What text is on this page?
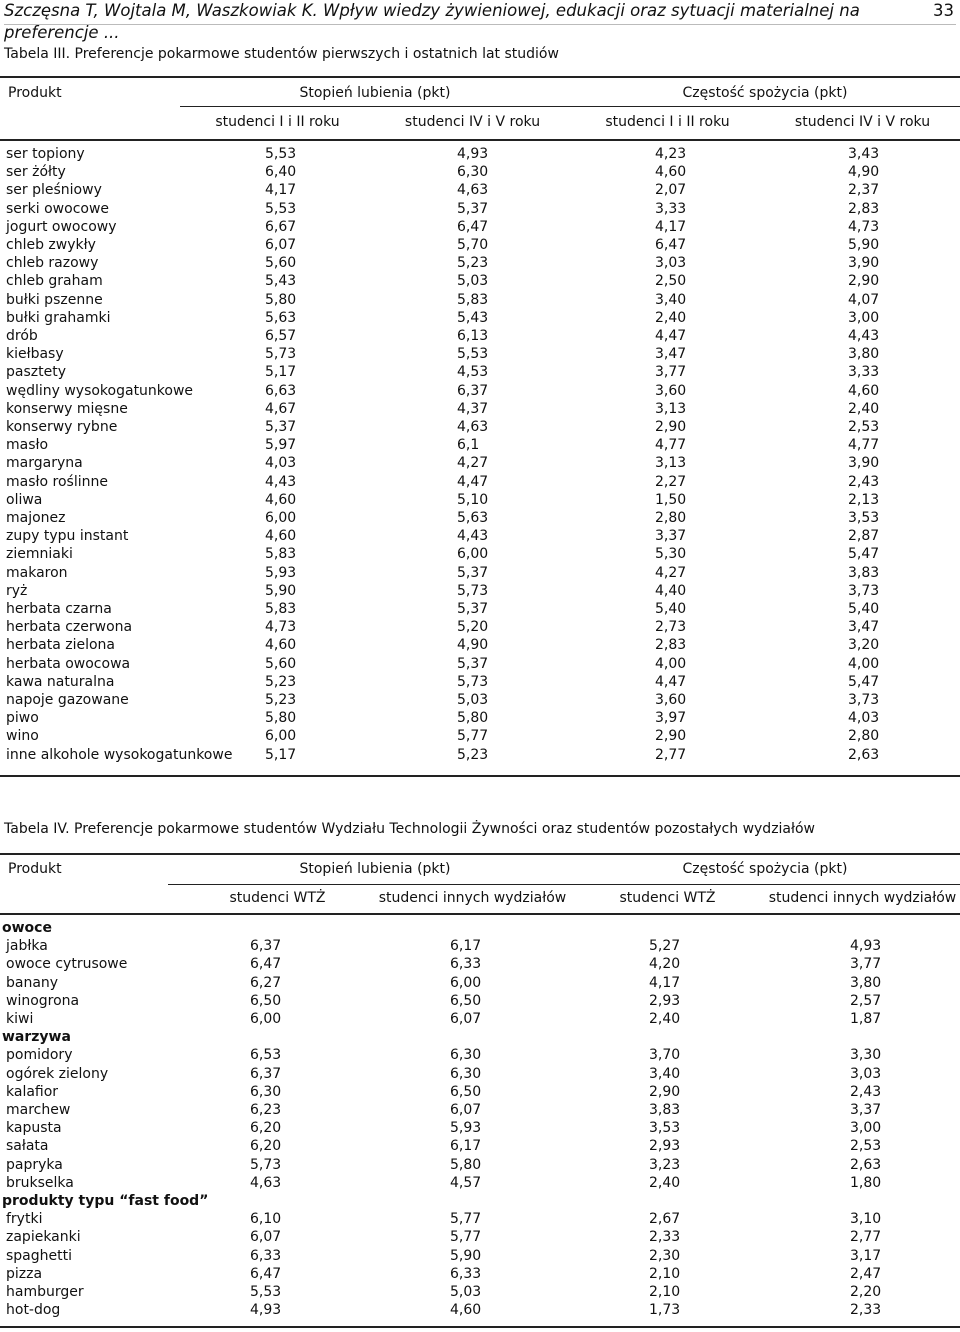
Szczęsna T, Wojtala M, Waszkowiak K. Wpływ wiedzy żywieniowej, edukacji oraz sytuacji materialnej na preferencje ...
33
Tabela III. Preferencje pokarmowe studentów pierwszych i ostatnich lat studiów
Produkt	Stopień lubienia (pkt)	Częstość spożycia (pkt)
studenci I i II roku	studenci IV i V roku	studenci I i II roku	studenci IV i V roku
ser topiony	5,53	4,93	4,23	3,43
ser żółty	6,40	6,30	4,60	4,90
ser pleśniowy	4,17	4,63	2,07	2,37
serki owocowe	5,53	5,37	3,33	2,83
jogurt owocowy	6,67	6,47	4,17	4,73
chleb zwykły	6,07	5,70	6,47	5,90
chleb razowy	5,60	5,23	3,03	3,90
chleb graham	5,43	5,03	2,50	2,90
bułki pszenne	5,80	5,83	3,40	4,07
bułki grahamki	5,63	5,43	2,40	3,00
drób	6,57	6,13	4,47	4,43
kiełbasy	5,73	5,53	3,47	3,80
pasztety	5,17	4,53	3,77	3,33
wędliny wysokogatunkowe	6,63	6,37	3,60	4,60
konserwy mięsne	4,67	4,37	3,13	2,40
konserwy rybne	5,37	4,63	2,90	2,53
masło	5,97	6,1	4,77	4,77
margaryna	4,03	4,27	3,13	3,90
masło roślinne	4,43	4,47	2,27	2,43
oliwa	4,60	5,10	1,50	2,13
majonez	6,00	5,63	2,80	3,53
zupy typu instant	4,60	4,43	3,37	2,87
ziemniaki	5,83	6,00	5,30	5,47
makaron	5,93	5,37	4,27	3,83
ryż	5,90	5,73	4,40	3,73
herbata czarna	5,83	5,37	5,40	5,40
herbata czerwona	4,73	5,20	2,73	3,47
herbata zielona	4,60	4,90	2,83	3,20
herbata owocowa	5,60	5,37	4,00	4,00
kawa naturalna	5,23	5,73	4,47	5,47
napoje gazowane	5,23	5,03	3,60	3,73
piwo	5,80	5,80	3,97	4,03
wino	6,00	5,77	2,90	2,80
inne alkohole wysokogatunkowe 5,17	5,23	2,77	2,63
Tabela IV. Preferencje pokarmowe studentów Wydziału Technologii Żywności oraz studentów pozostałych wydziałów
Produkt	Stopień lubienia (pkt)	Częstość spożycia (pkt)
studenci WTŻ	studenci innych wydziałów	studenci WTŻ	studenci innych wydziałów
owoce
jabłka	6,37	6,17	5,27	4,93
owoce cytrusowe	6,47	6,33	4,20	3,77
banany	6,27	6,00	4,17	3,80
winogrona	6,50	6,50	2,93	2,57
kiwi	6,00	6,07	2,40	1,87
warzywa
pomidory	6,53	6,30	3,70	3,30
ogórek zielony	6,37	6,30	3,40	3,03
kalafior	6,30	6,50	2,90	2,43
marchew	6,23	6,07	3,83	3,37
kapusta	6,20	5,93	3,53	3,00
sałata	6,20	6,17	2,93	2,53
papryka	5,73	5,80	3,23	2,63
brukselka	4,63	4,57	2,40	1,80
produkty typu “fast food”
frytki	6,10	5,77	2,67	3,10
zapiekanki	6,07	5,77	2,33	2,77
spaghetti	6,33	5,90	2,30	3,17
pizza	6,47	6,33	2,10	2,47
hamburger	5,53	5,03	2,10	2,20
hot-dog	4,93	4,60	1,73	2,33
